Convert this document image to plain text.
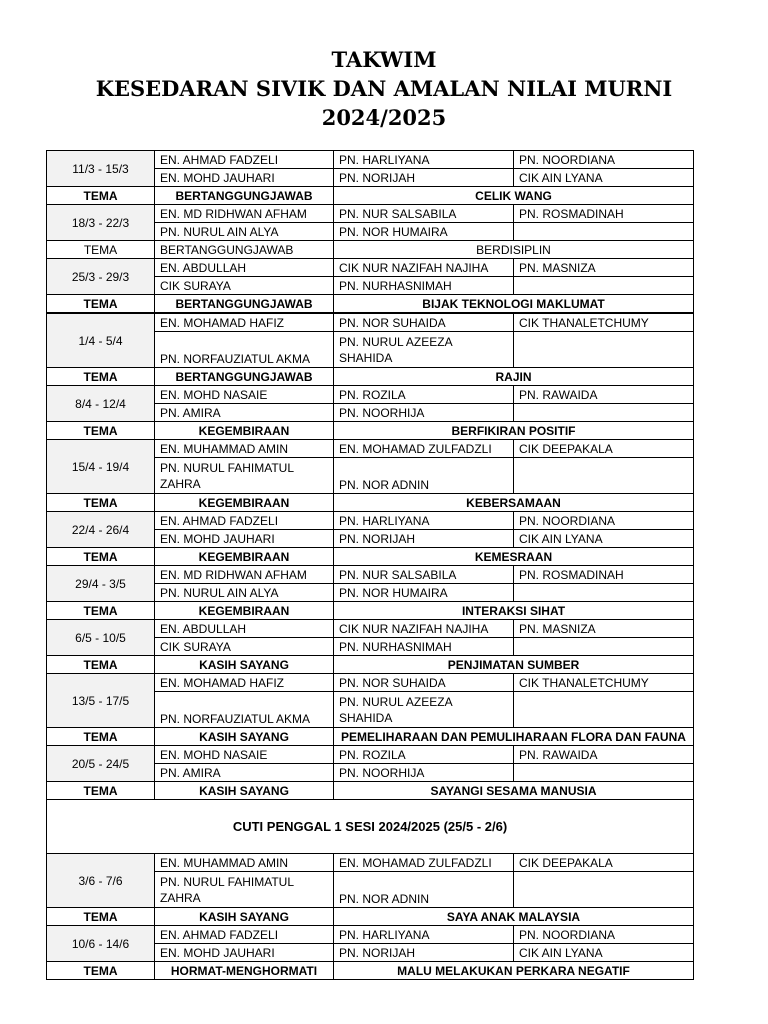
TAKWIM
KESEDARAN SIVIK DAN AMALAN NILAI MURNI
2024/2025
11/3 - 15/3	EN. AHMAD FADZELI	PN. HARLIYANA	PN. NOORDIANA
	EN. MOHD JAUHARI	PN. NORIJAH	CIK AIN LYANA
TEMA	BERTANGGUNGJAWAB	CELIK WANG	
18/3 - 22/3	EN. MD RIDHWAN AFHAM	PN. NUR SALSABILA	PN. ROSMADINAH
	PN. NURUL AIN ALYA	PN. NOR HUMAIRA	
TEMA	BERTANGGUNGJAWAB	BERDISIPLIN	
25/3 - 29/3	EN. ABDULLAH	CIK NUR NAZIFAH NAJIHA	PN. MASNIZA
	CIK SURAYA	PN. NURHASNIMAH	
TEMA	BERTANGGUNGJAWAB	BIJAK TEKNOLOGI MAKLUMAT	
1/4 - 5/4	EN. MOHAMAD HAFIZ	PN. NOR SUHAIDA	CIK THANALETCHUMY
	PN. NORFAUZIATUL AKMA	PN. NURUL AZEEZA SHAHIDA	
TEMA	BERTANGGUNGJAWAB	RAJIN	
8/4 - 12/4	EN. MOHD NASAIE	PN. ROZILA	PN. RAWAIDA
	PN. AMIRA	PN. NOORHIJA	
TEMA	KEGEMBIRAAN	BERFIKIRAN POSITIF	
15/4 - 19/4	EN. MUHAMMAD AMIN	EN. MOHAMAD ZULFADZLI	CIK DEEPAKALA
	PN. NURUL FAHIMATUL ZAHRA	PN. NOR ADNIN	
TEMA	KEGEMBIRAAN	KEBERSAMAAN	
22/4 - 26/4	EN. AHMAD FADZELI	PN. HARLIYANA	PN. NOORDIANA
	EN. MOHD JAUHARI	PN. NORIJAH	CIK AIN LYANA
TEMA	KEGEMBIRAAN	KEMESRAAN	
29/4 - 3/5	EN. MD RIDHWAN AFHAM	PN. NUR SALSABILA	PN. ROSMADINAH
	PN. NURUL AIN ALYA	PN. NOR HUMAIRA	
TEMA	KEGEMBIRAAN	INTERAKSI SIHAT	
6/5 - 10/5	EN. ABDULLAH	CIK NUR NAZIFAH NAJIHA	PN. MASNIZA
	CIK SURAYA	PN. NURHASNIMAH	
TEMA	KASIH SAYANG	PENJIMATAN SUMBER	
13/5 - 17/5	EN. MOHAMAD HAFIZ	PN. NOR SUHAIDA	CIK THANALETCHUMY
	PN. NORFAUZIATUL AKMA	PN. NURUL AZEEZA SHAHIDA	
TEMA	KASIH SAYANG	PEMELIHARAAN DAN PEMULIHARAAN FLORA DAN FAUNA	
20/5 - 24/5	EN. MOHD NASAIE	PN. ROZILA	PN. RAWAIDA
	PN. AMIRA	PN. NOORHIJA	
TEMA	KASIH SAYANG	SAYANGI SESAMA MANUSIA	
CUTI PENGGAL 1 SESI 2024/2025 (25/5 - 2/6)			
3/6 - 7/6	EN. MUHAMMAD AMIN	EN. MOHAMAD ZULFADZLI	CIK DEEPAKALA
	PN. NURUL FAHIMATUL ZAHRA	PN. NOR ADNIN	
TEMA	KASIH SAYANG	SAYA ANAK MALAYSIA	
10/6 - 14/6	EN. AHMAD FADZELI	PN. HARLIYANA	PN. NOORDIANA
	EN. MOHD JAUHARI	PN. NORIJAH	CIK AIN LYANA
TEMA	HORMAT-MENGHORMATI	MALU MELAKUKAN PERKARA NEGATIF	
